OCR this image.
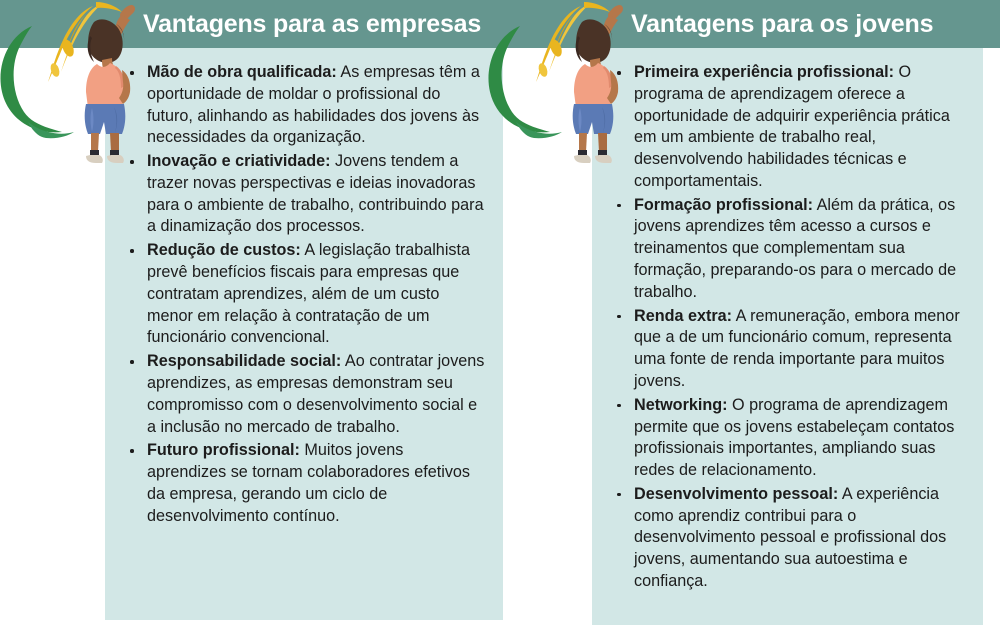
Vantagens para as empresas	Vantagens para os jovens
Mão de obra qualificada: As empresas têm a oportunidade de moldar o profissional do futuro, alinhando as habilidades dos jovens às necessidades da organização.
Inovação e criatividade: Jovens tendem a trazer novas perspectivas e ideias inovadoras para o ambiente de trabalho, contribuindo para a dinamização dos processos.
Redução de custos: A legislação trabalhista prevê benefícios fiscais para empresas que contratam aprendizes, além de um custo menor em relação à contratação de um funcionário convencional.
Responsabilidade social: Ao contratar jovens aprendizes, as empresas demonstram seu compromisso com o desenvolvimento social e a inclusão no mercado de trabalho.
Futuro profissional: Muitos jovens aprendizes se tornam colaboradores efetivos da empresa, gerando um ciclo de desenvolvimento contínuo.
Primeira experiência profissional: O programa de aprendizagem oferece a oportunidade de adquirir experiência prática em um ambiente de trabalho real, desenvolvendo habilidades técnicas e comportamentais.
Formação profissional: Além da prática, os jovens aprendizes têm acesso a cursos e treinamentos que complementam sua formação, preparando-os para o mercado de trabalho.
Renda extra: A remuneração, embora menor que a de um funcionário comum, representa uma fonte de renda importante para muitos jovens.
Networking: O programa de aprendizagem permite que os jovens estabeleçam contatos profissionais importantes, ampliando suas redes de relacionamento.
Desenvolvimento pessoal: A experiência como aprendiz contribui para o desenvolvimento pessoal e profissional dos jovens, aumentando sua autoestima e confiança.
